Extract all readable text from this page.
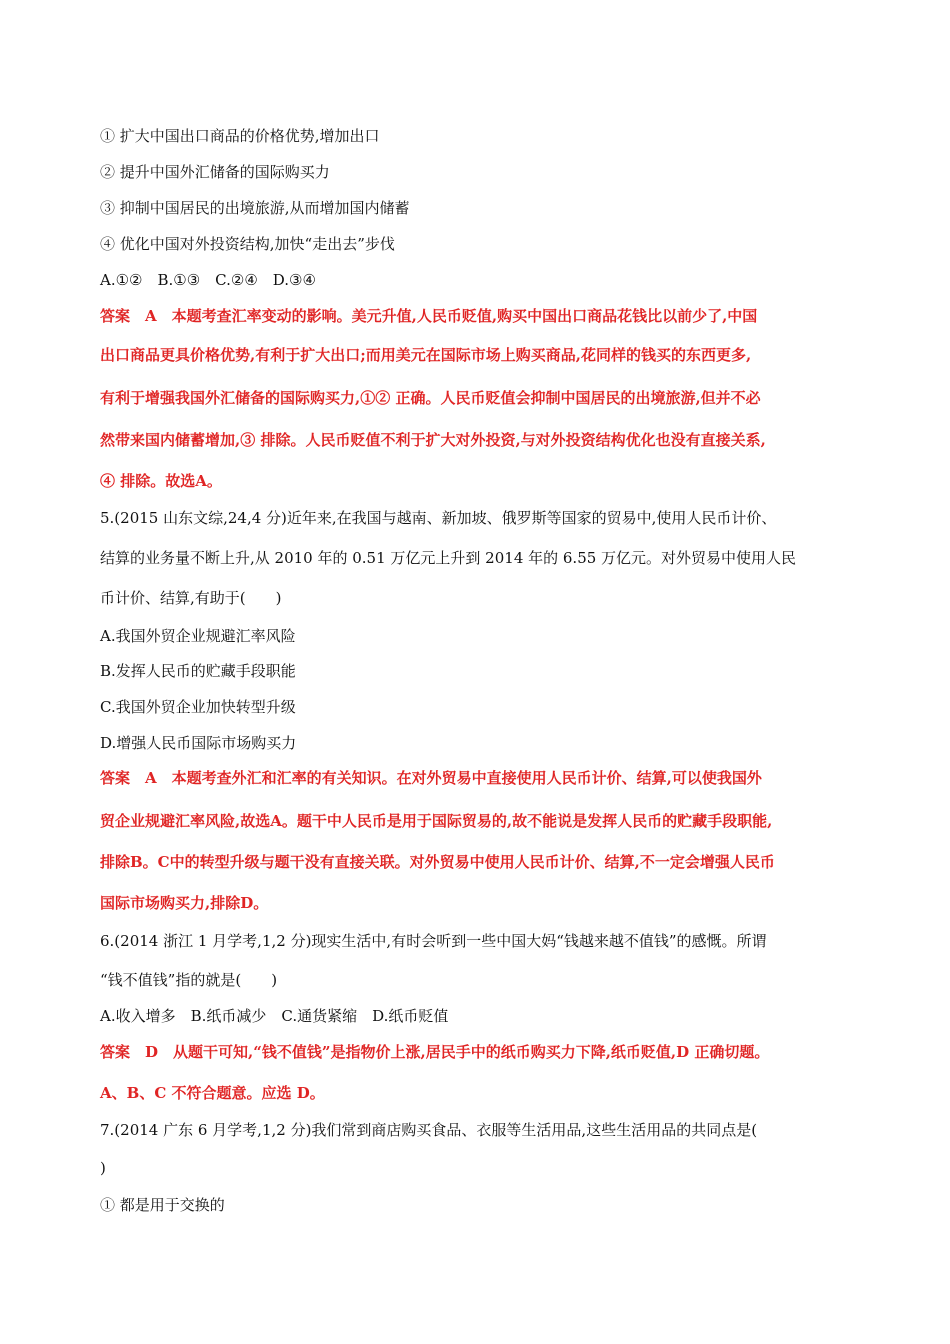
① 扩大中国出口商品的价格优势,增加出口
② 提升中国外汇储备的国际购买力
③ 抑制中国居民的出境旅游,从而增加国内储蓄
④ 优化中国对外投资结构,加快“走出去”步伐
A.①②　B.①③　C.②④　D.③④
答案　A　本题考查汇率变动的影响。美元升值,人民币贬值,购买中国出口商品花钱比以前少了,中国
出口商品更具价格优势,有利于扩大出口;而用美元在国际市场上购买商品,花同样的钱买的东西更多,
有利于增强我国外汇储备的国际购买力,①② 正确。人民币贬值会抑制中国居民的出境旅游,但并不必
然带来国内储蓄增加,③ 排除。人民币贬值不利于扩大对外投资,与对外投资结构优化也没有直接关系,
④ 排除。故选A。
5.(2015 山东文综,24,4 分)近年来,在我国与越南、新加坡、俄罗斯等国家的贸易中,使用人民币计价、
结算的业务量不断上升,从 2010 年的 0.51 万亿元上升到 2014 年的 6.55 万亿元。对外贸易中使用人民
币计价、结算,有助于(　　)
A.我国外贸企业规避汇率风险
B.发挥人民币的贮藏手段职能
C.我国外贸企业加快转型升级
D.增强人民币国际市场购买力
答案　A　本题考查外汇和汇率的有关知识。在对外贸易中直接使用人民币计价、结算,可以使我国外
贸企业规避汇率风险,故选A。题干中人民币是用于国际贸易的,故不能说是发挥人民币的贮藏手段职能,
排除B。C中的转型升级与题干没有直接关联。对外贸易中使用人民币计价、结算,不一定会增强人民币
国际市场购买力,排除D。
6.(2014 浙江 1 月学考,1,2 分)现实生活中,有时会听到一些中国大妈“钱越来越不值钱”的感慨。所谓
“钱不值钱”指的就是(　　)
A.收入增多　B.纸币减少　C.通货紧缩　D.纸币贬值
答案　D　从题干可知,“钱不值钱”是指物价上涨,居民手中的纸币购买力下降,纸币贬值,D 正确切题。
A、B、C 不符合题意。应选 D。
7.(2014 广东 6 月学考,1,2 分)我们常到商店购买食品、衣服等生活用品,这些生活用品的共同点是(
)
① 都是用于交换的
